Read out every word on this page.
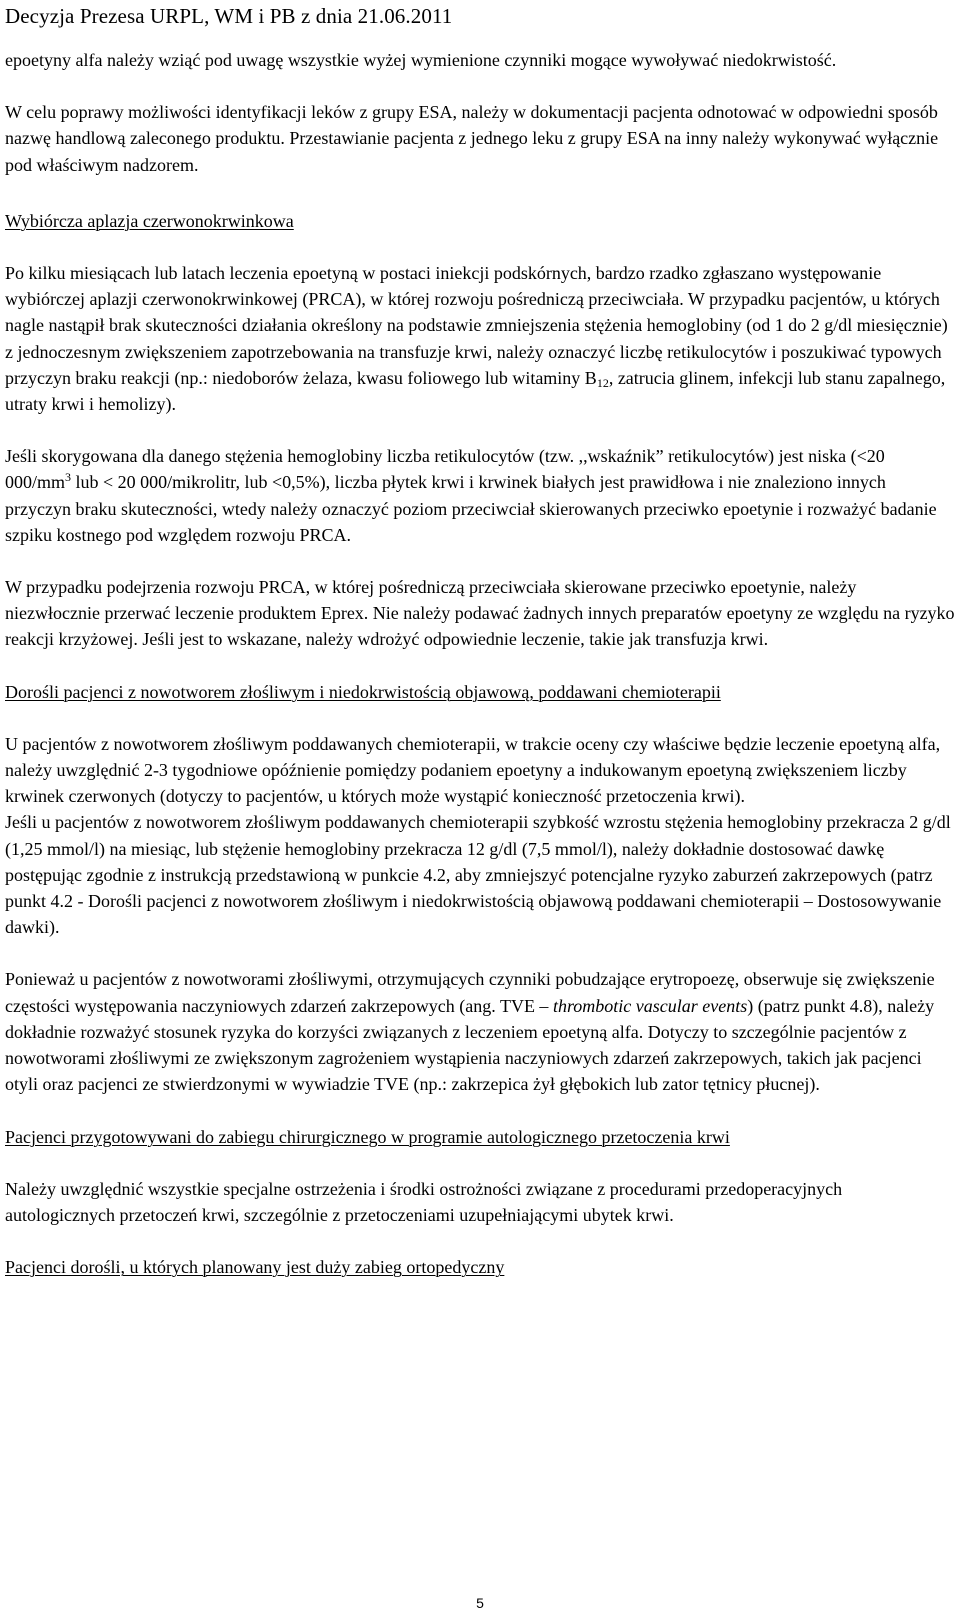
Decyzja Prezesa URPL, WM i PB z dnia 21.06.2011

epoetyny alfa należy wziąć pod uwagę wszystkie wyżej wymienione czynniki mogące wywoływać niedokrwistość.

W celu poprawy możliwości identyfikacji leków z grupy ESA, należy w dokumentacji pacjenta odnotować w odpowiedni sposób nazwę handlową zaleconego produktu. Przestawianie pacjenta z jednego leku z grupy ESA na inny należy wykonywać wyłącznie pod właściwym nadzorem.

Wybiórcza aplazja czerwonokrwinkowa

Po kilku miesiącach lub latach leczenia epoetyną w postaci iniekcji podskórnych, bardzo rzadko zgłaszano występowanie wybiórczej aplazji czerwonokrwinkowej (PRCA), w której rozwoju pośredniczą przeciwciała. W przypadku pacjentów, u których nagle nastąpił brak skuteczności działania określony na podstawie zmniejszenia stężenia hemoglobiny (od 1 do 2 g/dl miesięcznie) z jednoczesnym zwiększeniem zapotrzebowania na transfuzje krwi, należy oznaczyć liczbę retikulocytów i poszukiwać typowych przyczyn braku reakcji (np.: niedoborów żelaza, kwasu foliowego lub witaminy $B_{12}$, zatrucia glinem, infekcji lub stanu zapalnego, utraty krwi i hemolizy).

Jeśli skorygowana dla danego stężenia hemoglobiny liczba retikulocytów (tzw. ,,wskaźnik” retikulocytów) jest niska (<20 $000/mm^3$ lub < 20 000/mikrolitr, lub <0,5%), liczba płytek krwi i krwinek białych jest prawidłowa i nie znaleziono innych przyczyn braku skuteczności, wtedy należy oznaczyć poziom przeciwciał skierowanych przeciwko epoetynie i rozważyć badanie szpiku kostnego pod względem rozwoju PRCA.

W przypadku podejrzenia rozwoju PRCA, w której pośredniczą przeciwciała skierowane przeciwko epoetynie, należy niezwłocznie przerwać leczenie produktem Eprex. Nie należy podawać żadnych innych preparatów epoetyny ze względu na ryzyko reakcji krzyżowej. Jeśli jest to wskazane, należy wdrożyć odpowiednie leczenie, takie jak transfuzja krwi.

Dorośli pacjenci z nowotworem złośliwym i niedokrwistością objawową, poddawani chemioterapii

U pacjentów z nowotworem złośliwym poddawanych chemioterapii, w trakcie oceny czy właściwe będzie leczenie epoetyną alfa, należy uwzględnić 2-3 tygodniowe opóźnienie pomiędzy podaniem epoetyny a indukowanym epoetyną zwiększeniem liczby krwinek czerwonych (dotyczy to pacjentów, u których może wystąpić konieczność przetoczenia krwi).

Jeśli u pacjentów z nowotworem złośliwym poddawanych chemioterapii szybkość wzrostu stężenia hemoglobiny przekracza 2 g/dl (1,25 mmol/l) na miesiąc, lub stężenie hemoglobiny przekracza 12 g/dl (7,5 mmol/l), należy dokładnie dostosować dawkę postępując zgodnie z instrukcją przedstawioną w punkcie 4.2, aby zmniejszyć potencjalne ryzyko zaburzeń zakrzepowych (patrz punkt 4.2 - Dorośli pacjenci z nowotworem złośliwym i niedokrwistością objawową poddawani chemioterapii – Dostosowywanie dawki).

Ponieważ u pacjentów z nowotworami złośliwymi, otrzymujących czynniki pobudzające erytropoezę, obserwuje się zwiększenie częstości występowania naczyniowych zdarzeń zakrzepowych (ang. TVE – thrombotic vascular events) (patrz punkt 4.8), należy dokładnie rozważyć stosunek ryzyka do korzyści związanych z leczeniem epoetyną alfa. Dotyczy to szczególnie pacjentów z nowotworami złośliwymi ze zwiększonym zagrożeniem wystąpienia naczyniowych zdarzeń zakrzepowych, takich jak pacjenci otyli oraz pacjenci ze stwierdzonymi w wywiadzie TVE (np.: zakrzepica żył głębokich lub zator tętnicy płucnej).

Pacjenci przygotowywani do zabiegu chirurgicznego w programie autologicznego przetoczenia krwi

Należy uwzględnić wszystkie specjalne ostrzeżenia i środki ostrożności związane z procedurami przedoperacyjnych autologicznych przetoczeń krwi, szczególnie z przetoczeniami uzupełniającymi ubytek krwi.

Pacjenci dorośli, u których planowany jest duży zabieg ortopedyczny

5
